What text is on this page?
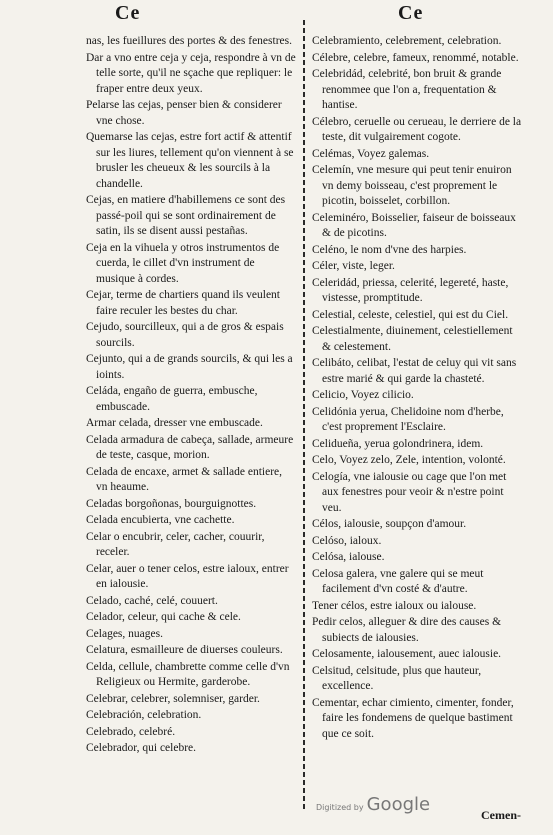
Ce	Ce
nas, les fueillures des portes & des fenestres.
Dar a vno entre ceja y ceja, respondre à vn de telle sorte, qu'il ne sçache que repliquer: le fraper entre deux yeux.
Pelarse las cejas, penser bien & considerer vne chose.
Quemarse las cejas, estre fort actif & attentif sur les liures, tellement qu'on viennent à se brusler les cheueux & les sourcils à la chandelle.
Cejas, en matiere d'habillemens ce sont des passé-poil qui se sont ordinairement de satin, ils se disent aussi pestañas.
Ceja en la vihuela y otros instrumentos de cuerda, le cillet d'vn instrument de musique à cordes.
Cejar, terme de chartiers quand ils veulent faire reculer les bestes du char.
Cejudo, sourcilleux, qui a de gros & espais sourcils.
Cejunto, qui a de grands sourcils, & qui les a ioints.
Celáda, engaño de guerra, embusche, embuscade.
Armar celada, dresser vne embuscade.
Celada armadura de cabeça, sallade, armeure de teste, casque, morion.
Celada de encaxe, armet & sallade entiere, vn heaume.
Celadas borgoñonas, bourguignottes.
Celada encubierta, vne cachette.
Celar o encubrir, celer, cacher, couurir, receler.
Celar, auer o tener celos, estre ialoux, entrer en ialousie.
Celado, caché, celé, couuert.
Celador, celeur, qui cache & cele.
Celages, nuages.
Celatura, esmailleure de diuerses couleurs.
Celda, cellule, chambrette comme celle d'vn Religieux ou Hermite, garderobe.
Celebrar, celebrer, solemniser, garder.
Celebración, celebration.
Celebrado, celebré.
Celebrador, qui celebre.
Celebramiento, celebrement, celebration.
Célebre, celebre, fameux, renommé, notable.
Celebridád, celebrité, bon bruit & grande renommee que l'on a, frequentation & hantise.
Célebro, ceruelle ou cerueau, le derriere de la teste, dit vulgairement cogote.
Celémas, Voyez galemas.
Celemín, vne mesure qui peut tenir enuiron vn demy boisseau, c'est proprement le picotin, boisselet, corbillon.
Celeminéro, Boisselier, faiseur de boisseaux & de picotins.
Celéno, le nom d'vne des harpies.
Céler, viste, leger.
Celeridád, priessa, celerité, legereté, haste, vistesse, promptitude.
Celestial, celeste, celestiel, qui est du Ciel.
Celestialmente, diuinement, celestiellement & celestement.
Celibáto, celibat, l'estat de celuy qui vit sans estre marié & qui garde la chasteté.
Celicio, Voyez cilicio.
Celidónia yerua, Chelidoine nom d'herbe, c'est proprement l'Esclaire.
Celidueña, yerua golondrinera, idem.
Celo, Voyez zelo, Zele, intention, volonté.
Celogía, vne ialousie ou cage que l'on met aux fenestres pour veoir & n'estre point veu.
Célos, ialousie, soupçon d'amour.
Celóso, ialoux.
Celósa, ialouse.
Celosa galera, vne galere qui se meut facilement d'vn costé & d'autre.
Tener célos, estre ialoux ou ialouse.
Pedir celos, alleguer & dire des causes & subiects de ialousies.
Celosamente, ialousement, auec ialousie.
Celsitud, celsitude, plus que hauteur, excellence.
Cementar, echar cimiento, cimenter, fonder, faire les fondemens de quelque bastiment que ce soit.
Digitized by Google	Cemen-
